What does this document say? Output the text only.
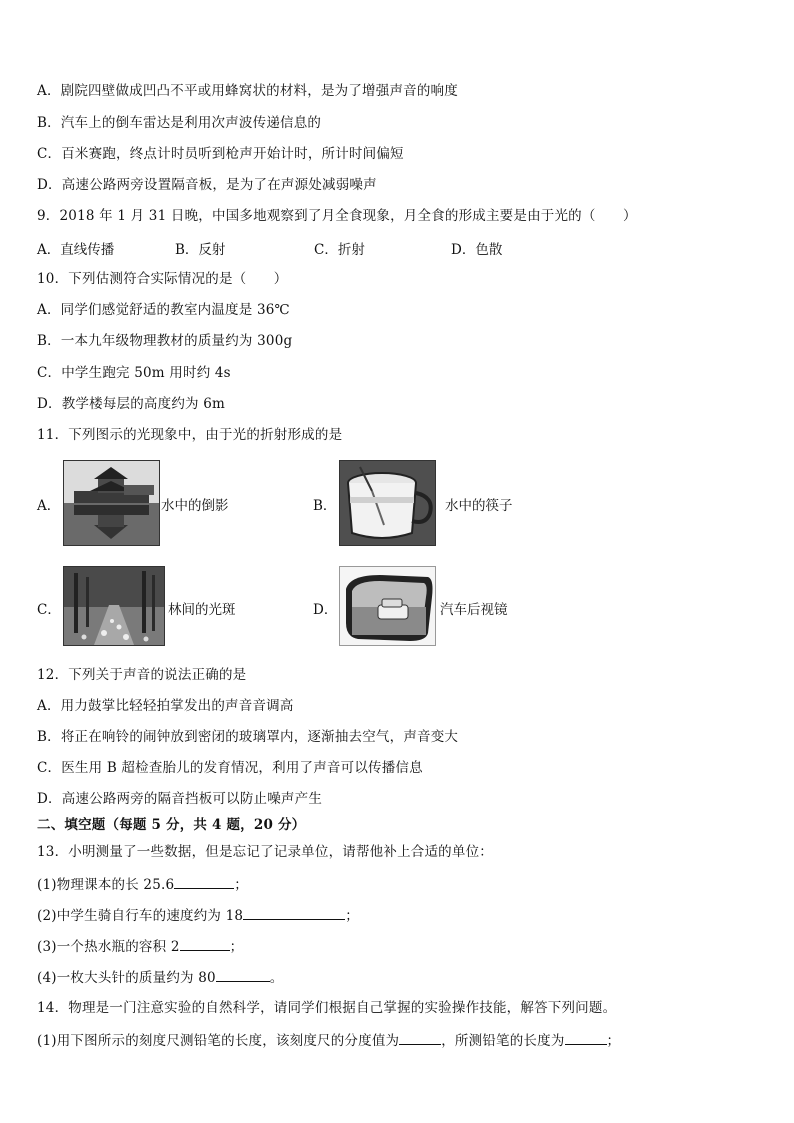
A．剧院四壁做成凹凸不平或用蜂窝状的材料，是为了增强声音的响度
B．汽车上的倒车雷达是利用次声波传递信息的
C．百米赛跑，终点计时员听到枪声开始计时，所计时间偏短
D．高速公路两旁设置隔音板，是为了在声源处减弱噪声
9．2018 年 1 月 31 日晚，中国多地观察到了月全食现象，月全食的形成主要是由于光的（　　）
A．直线传播	B．反射	C．折射	D．色散
10．下列估测符合实际情况的是（　　）
A．同学们感觉舒适的教室内温度是 36℃
B．一本九年级物理教材的质量约为 300g
C．中学生跑完 50m 用时约 4s
D．教学楼每层的高度约为 6m
11．下列图示的光现象中，由于光的折射形成的是
A．	水中的倒影	B．	水中的筷子
C．	林间的光斑	D．	汽车后视镜
12．下列关于声音的说法正确的是
A．用力鼓掌比轻轻拍掌发出的声音音调高
B．将正在响铃的闹钟放到密闭的玻璃罩内，逐渐抽去空气，声音变大
C．医生用 B 超检查胎儿的发育情况，利用了声音可以传播信息
D．高速公路两旁的隔音挡板可以防止噪声产生
二、填空题（每题 5 分，共 4 题，20 分）
13．小明测量了一些数据，但是忘记了记录单位，请帮他补上合适的单位：
(1)物理课本的长 25.6	；
(2)中学生骑自行车的速度约为 18	；
(3)一个热水瓶的容积 2	；
(4)一枚大头针的质量约为 80	。
14．物理是一门注意实验的自然科学，请同学们根据自己掌握的实验操作技能，解答下列问题。
(1)用下图所示的刻度尺测铅笔的长度，该刻度尺的分度值为	，所测铅笔的长度为	；
